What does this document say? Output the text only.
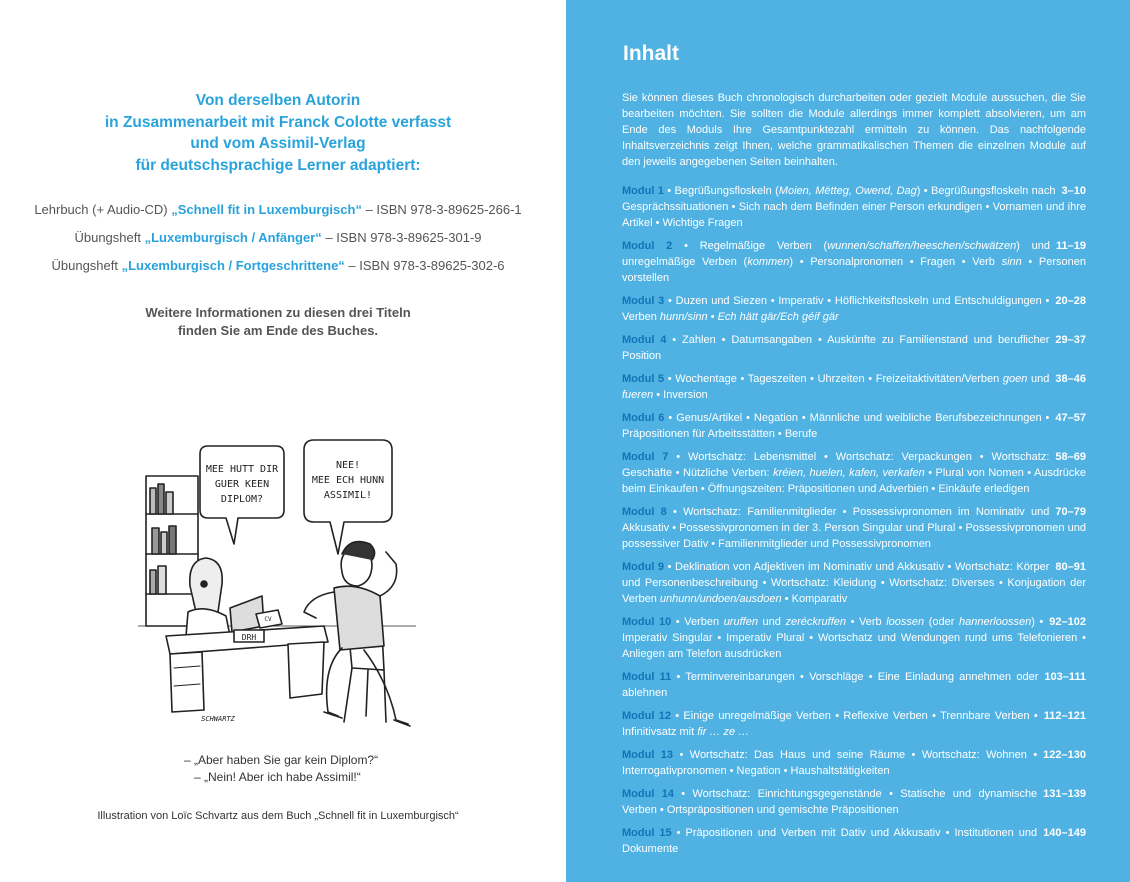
Von derselben Autorin
in Zusammenarbeit mit Franck Colotte verfasst
und vom Assimil-Verlag
für deutschsprachige Lerner adaptiert:
Lehrbuch (+ Audio-CD) „Schnell fit in Luxemburgisch“ – ISBN 978-3-89625-266-1
Übungsheft „Luxemburgisch / Anfänger“ – ISBN 978-3-89625-301-9
Übungsheft „Luxemburgisch / Fortgeschrittene“ – ISBN 978-3-89625-302-6
Weitere Informationen zu diesen drei Titeln
finden Sie am Ende des Buches.
MEE HUTT DIR
GUER KEEN
DIPLOM?
NEE!
MEE ECH HUNN
ASSIMIL!
DRH
CV
SCHWARTZ
– „Aber haben Sie gar kein Diplom?“
– „Nein! Aber ich habe Assimil!“
Illustration von Loïc Schvartz aus dem Buch „Schnell fit in Luxemburgisch“
Inhalt
Sie können dieses Buch chronologisch durcharbeiten oder gezielt Module aussuchen, die Sie bearbeiten möchten. Sie sollten die Module allerdings immer komplett absolvieren, um am Ende des Moduls Ihre Gesamtpunktezahl ermitteln zu können. Das nachfolgende Inhaltsverzeichnis zeigt Ihnen, welche grammatikalischen Themen die einzelnen Module auf den jeweils angegebenen Seiten beinhalten.
3–10
Modul 1 • Begrüßungsfloskeln (Moien, Mëtteg, Owend, Dag) • Begrüßungsfloskeln nach Gesprächssituationen • Sich nach dem Befinden einer Person erkundigen • Vornamen und ihre Artikel • Wichtige Fragen
11–19
Modul 2 • Regelmäßige Verben (wunnen/schaffen/heeschen/schwätzen) und unregelmäßige Verben (kommen) • Personalpronomen • Fragen • Verb sinn • Personen vorstellen
20–28
Modul 3 • Duzen und Siezen • Imperativ • Höflichkeitsfloskeln und Entschuldigungen • Verben hunn/sinn • Ech hätt gär/Ech géif gär
29–37
Modul 4 • Zahlen • Datumsangaben • Auskünfte zu Familienstand und beruflicher Position
38–46
Modul 5 • Wochentage • Tageszeiten • Uhrzeiten • Freizeitaktivitäten/Verben goen und fueren • Inversion
47–57
Modul 6 • Genus/Artikel • Negation • Männliche und weibliche Berufsbezeichnungen • Präpositionen für Arbeitsstätten • Berufe
58–69
Modul 7 • Wortschatz: Lebensmittel • Wortschatz: Verpackungen • Wortschatz: Geschäfte • Nützliche Verben: kréien, huelen, kafen, verkafen • Plural von Nomen • Ausdrücke beim Einkaufen • Öffnungszeiten: Präpositionen und Adverbien • Einkäufe erledigen
70–79
Modul 8 • Wortschatz: Familienmitglieder • Possessivpronomen im Nominativ und Akkusativ • Possessivpronomen in der 3. Person Singular und Plural • Possessivpronomen und possessiver Dativ • Familienmitglieder und Possessivpronomen
80–91
Modul 9 • Deklination von Adjektiven im Nominativ und Akkusativ • Wortschatz: Körper und Personenbeschreibung • Wortschatz: Kleidung • Wortschatz: Diverses • Konjugation der Verben unhunn/undoen/ausdoen • Komparativ
92–102
Modul 10 • Verben uruffen und zeréckruffen • Verb loossen (oder hannerloossen) • Imperativ Singular • Imperativ Plural • Wortschatz und Wendungen rund ums Telefonieren • Anliegen am Telefon ausdrücken
103–111
Modul 11 • Terminvereinbarungen • Vorschläge • Eine Einladung annehmen oder ablehnen
112–121
Modul 12 • Einige unregelmäßige Verben • Reflexive Verben • Trennbare Verben • Infinitivsatz mit fir … ze …
122–130
Modul 13 • Wortschatz: Das Haus und seine Räume • Wortschatz: Wohnen • Interrogativpronomen • Negation • Haushaltstätigkeiten
131–139
Modul 14 • Wortschatz: Einrichtungsgegenstände • Statische und dynamische Verben • Ortspräpositionen und gemischte Präpositionen
140–149
Modul 15 • Präpositionen und Verben mit Dativ und Akkusativ • Institutionen und Dokumente
